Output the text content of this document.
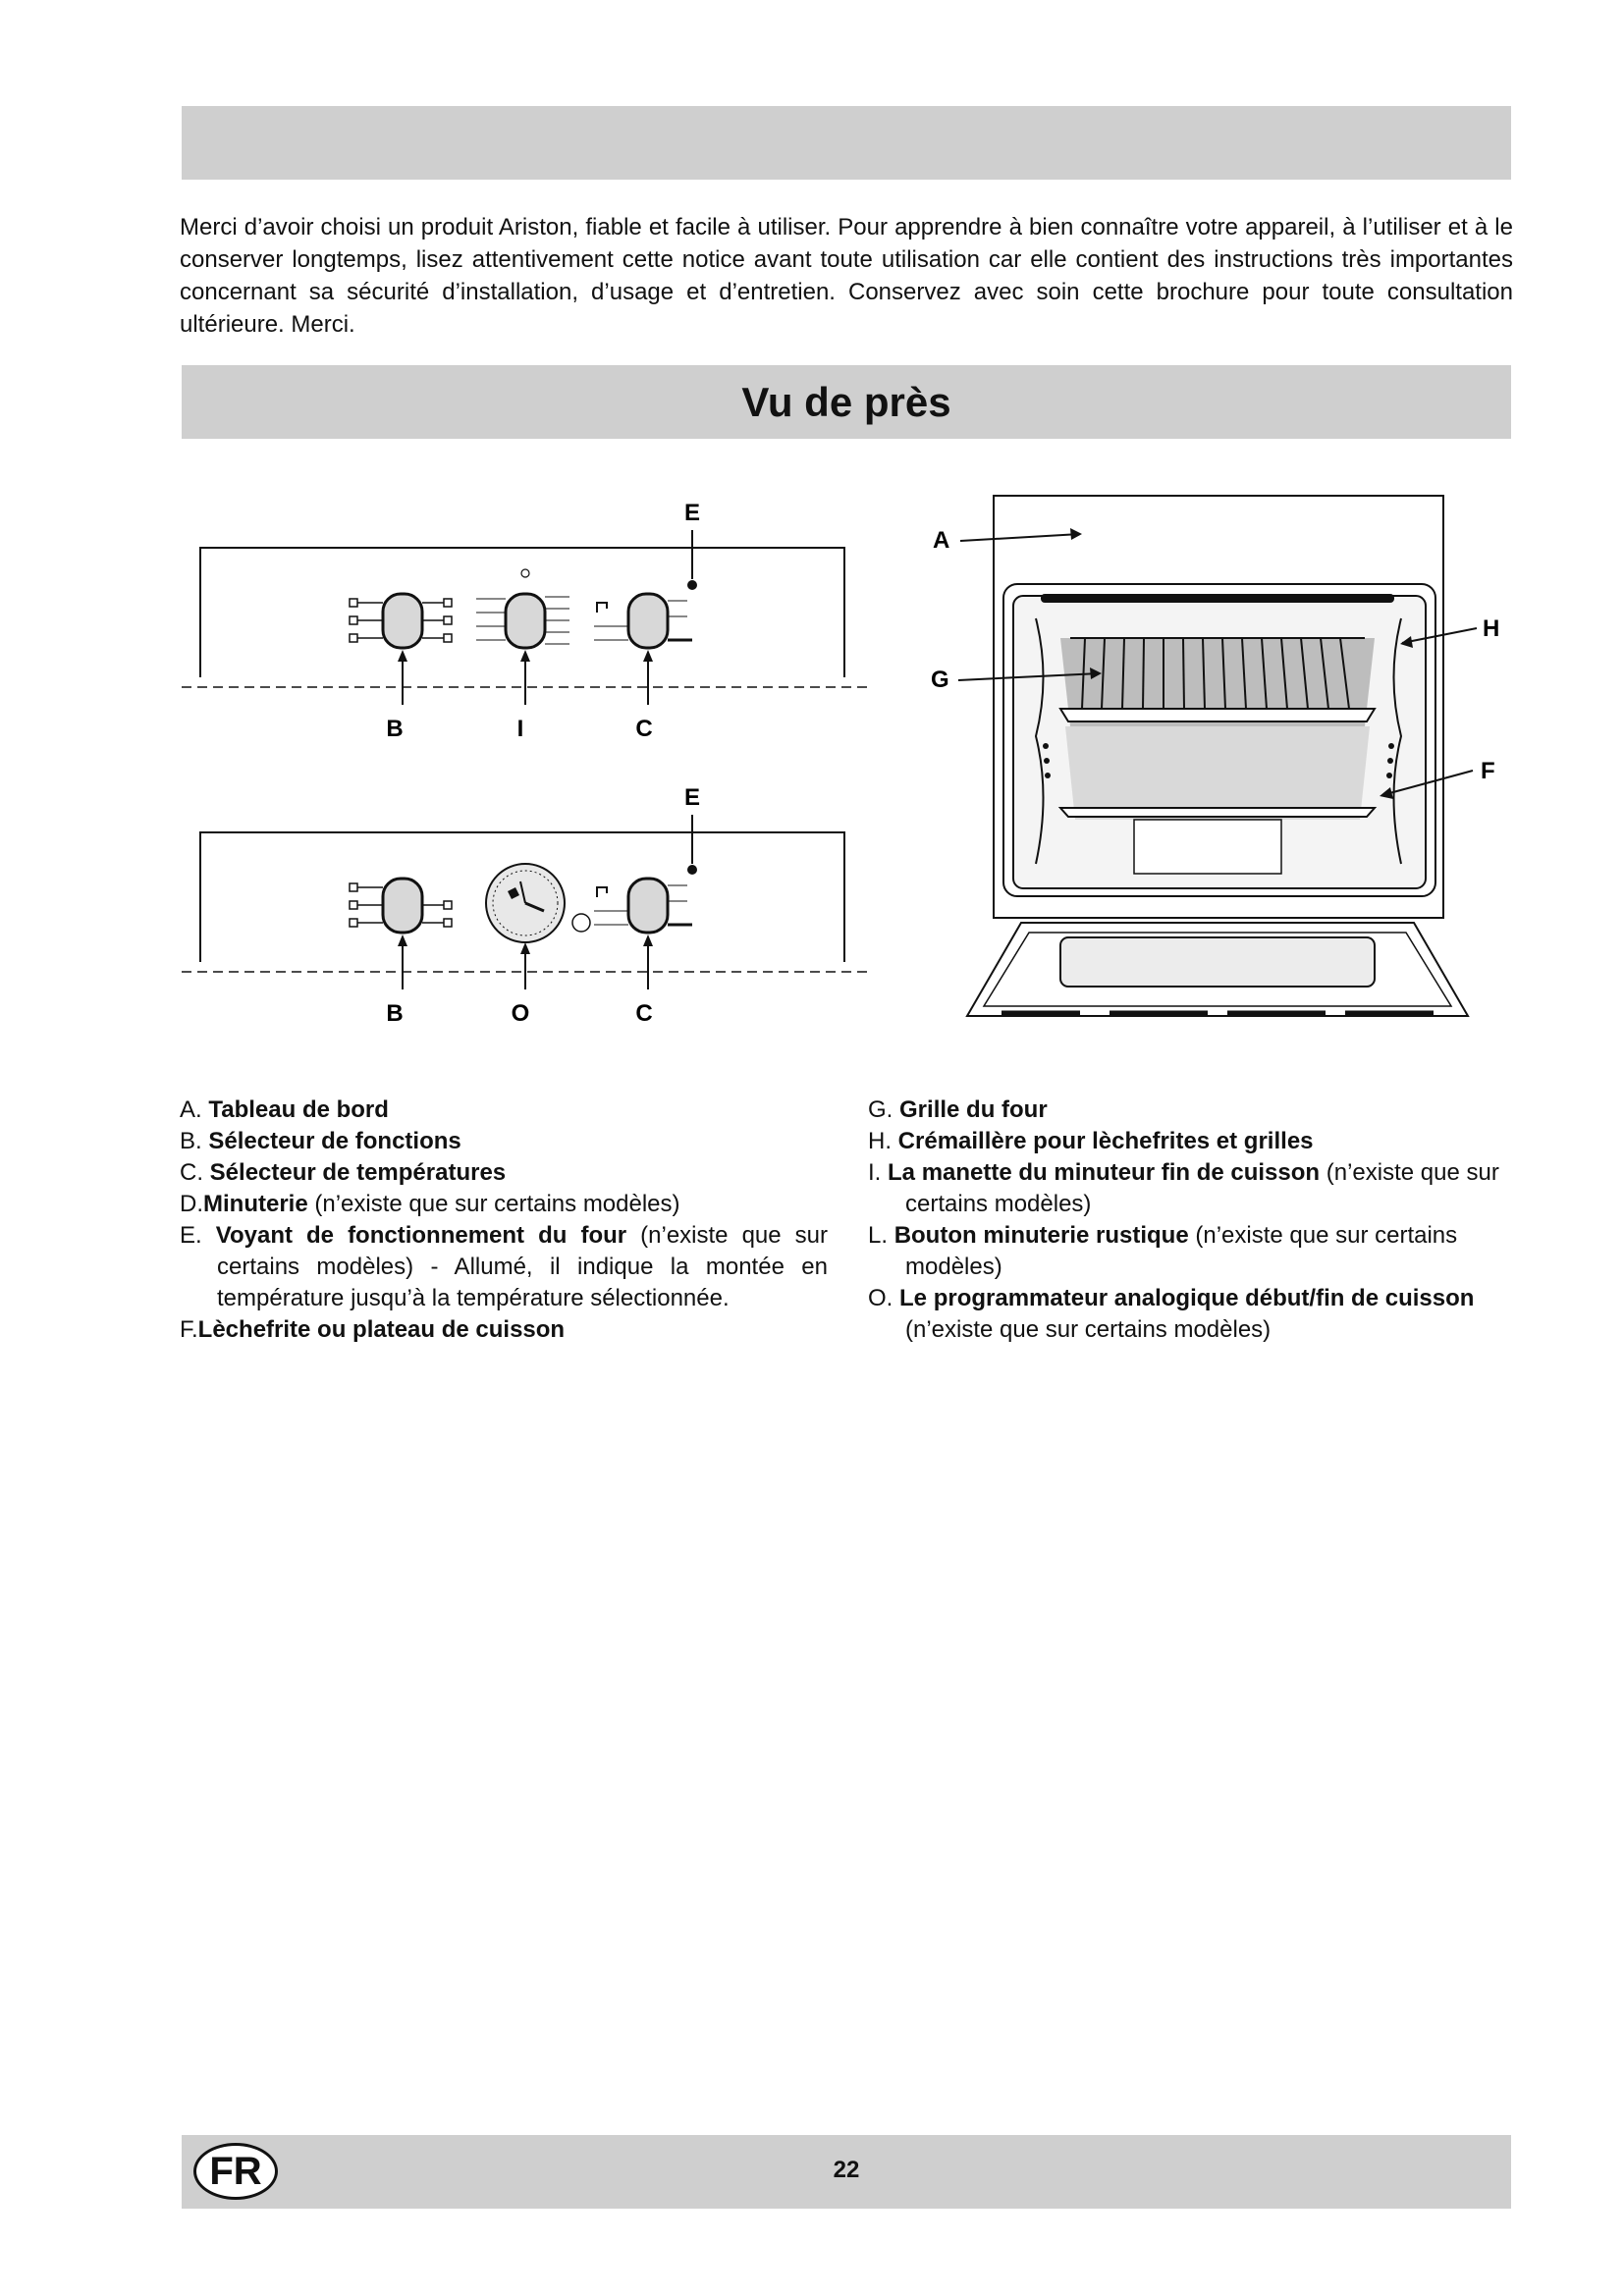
Merci d’avoir choisi un produit Ariston, fiable et facile à utiliser. Pour apprendre à bien connaître votre appareil, à l’utiliser et à le conserver longtemps, lisez attentivement cette notice avant toute utilisation car elle contient des instructions très importantes concernant sa sécurité d’installation, d’usage et d’entretien. Conservez avec soin cette brochure pour toute consultation ultérieure. Merci.

Vu de près
E
B	I	C
E
B	O	C
A
G
H
F
A. Tableau de bord
B. Sélecteur de fonctions
C. Sélecteur de températures
D.Minuterie (n’existe que sur certains modèles)
E. Voyant de fonctionnement du four (n’existe que sur certains modèles) - Allumé, il indique la montée en température jusqu’à la température sélectionnée.
F.Lèchefrite ou plateau de cuisson
G. Grille du four
H. Crémaillère pour lèchefrites et grilles
I. La manette du minuteur fin de cuisson (n’existe que sur certains modèles)
L. Bouton minuterie rustique (n’existe que sur certains modèles)
O. Le programmateur analogique début/fin de cuisson (n’existe que sur certains modèles)
FR	22
